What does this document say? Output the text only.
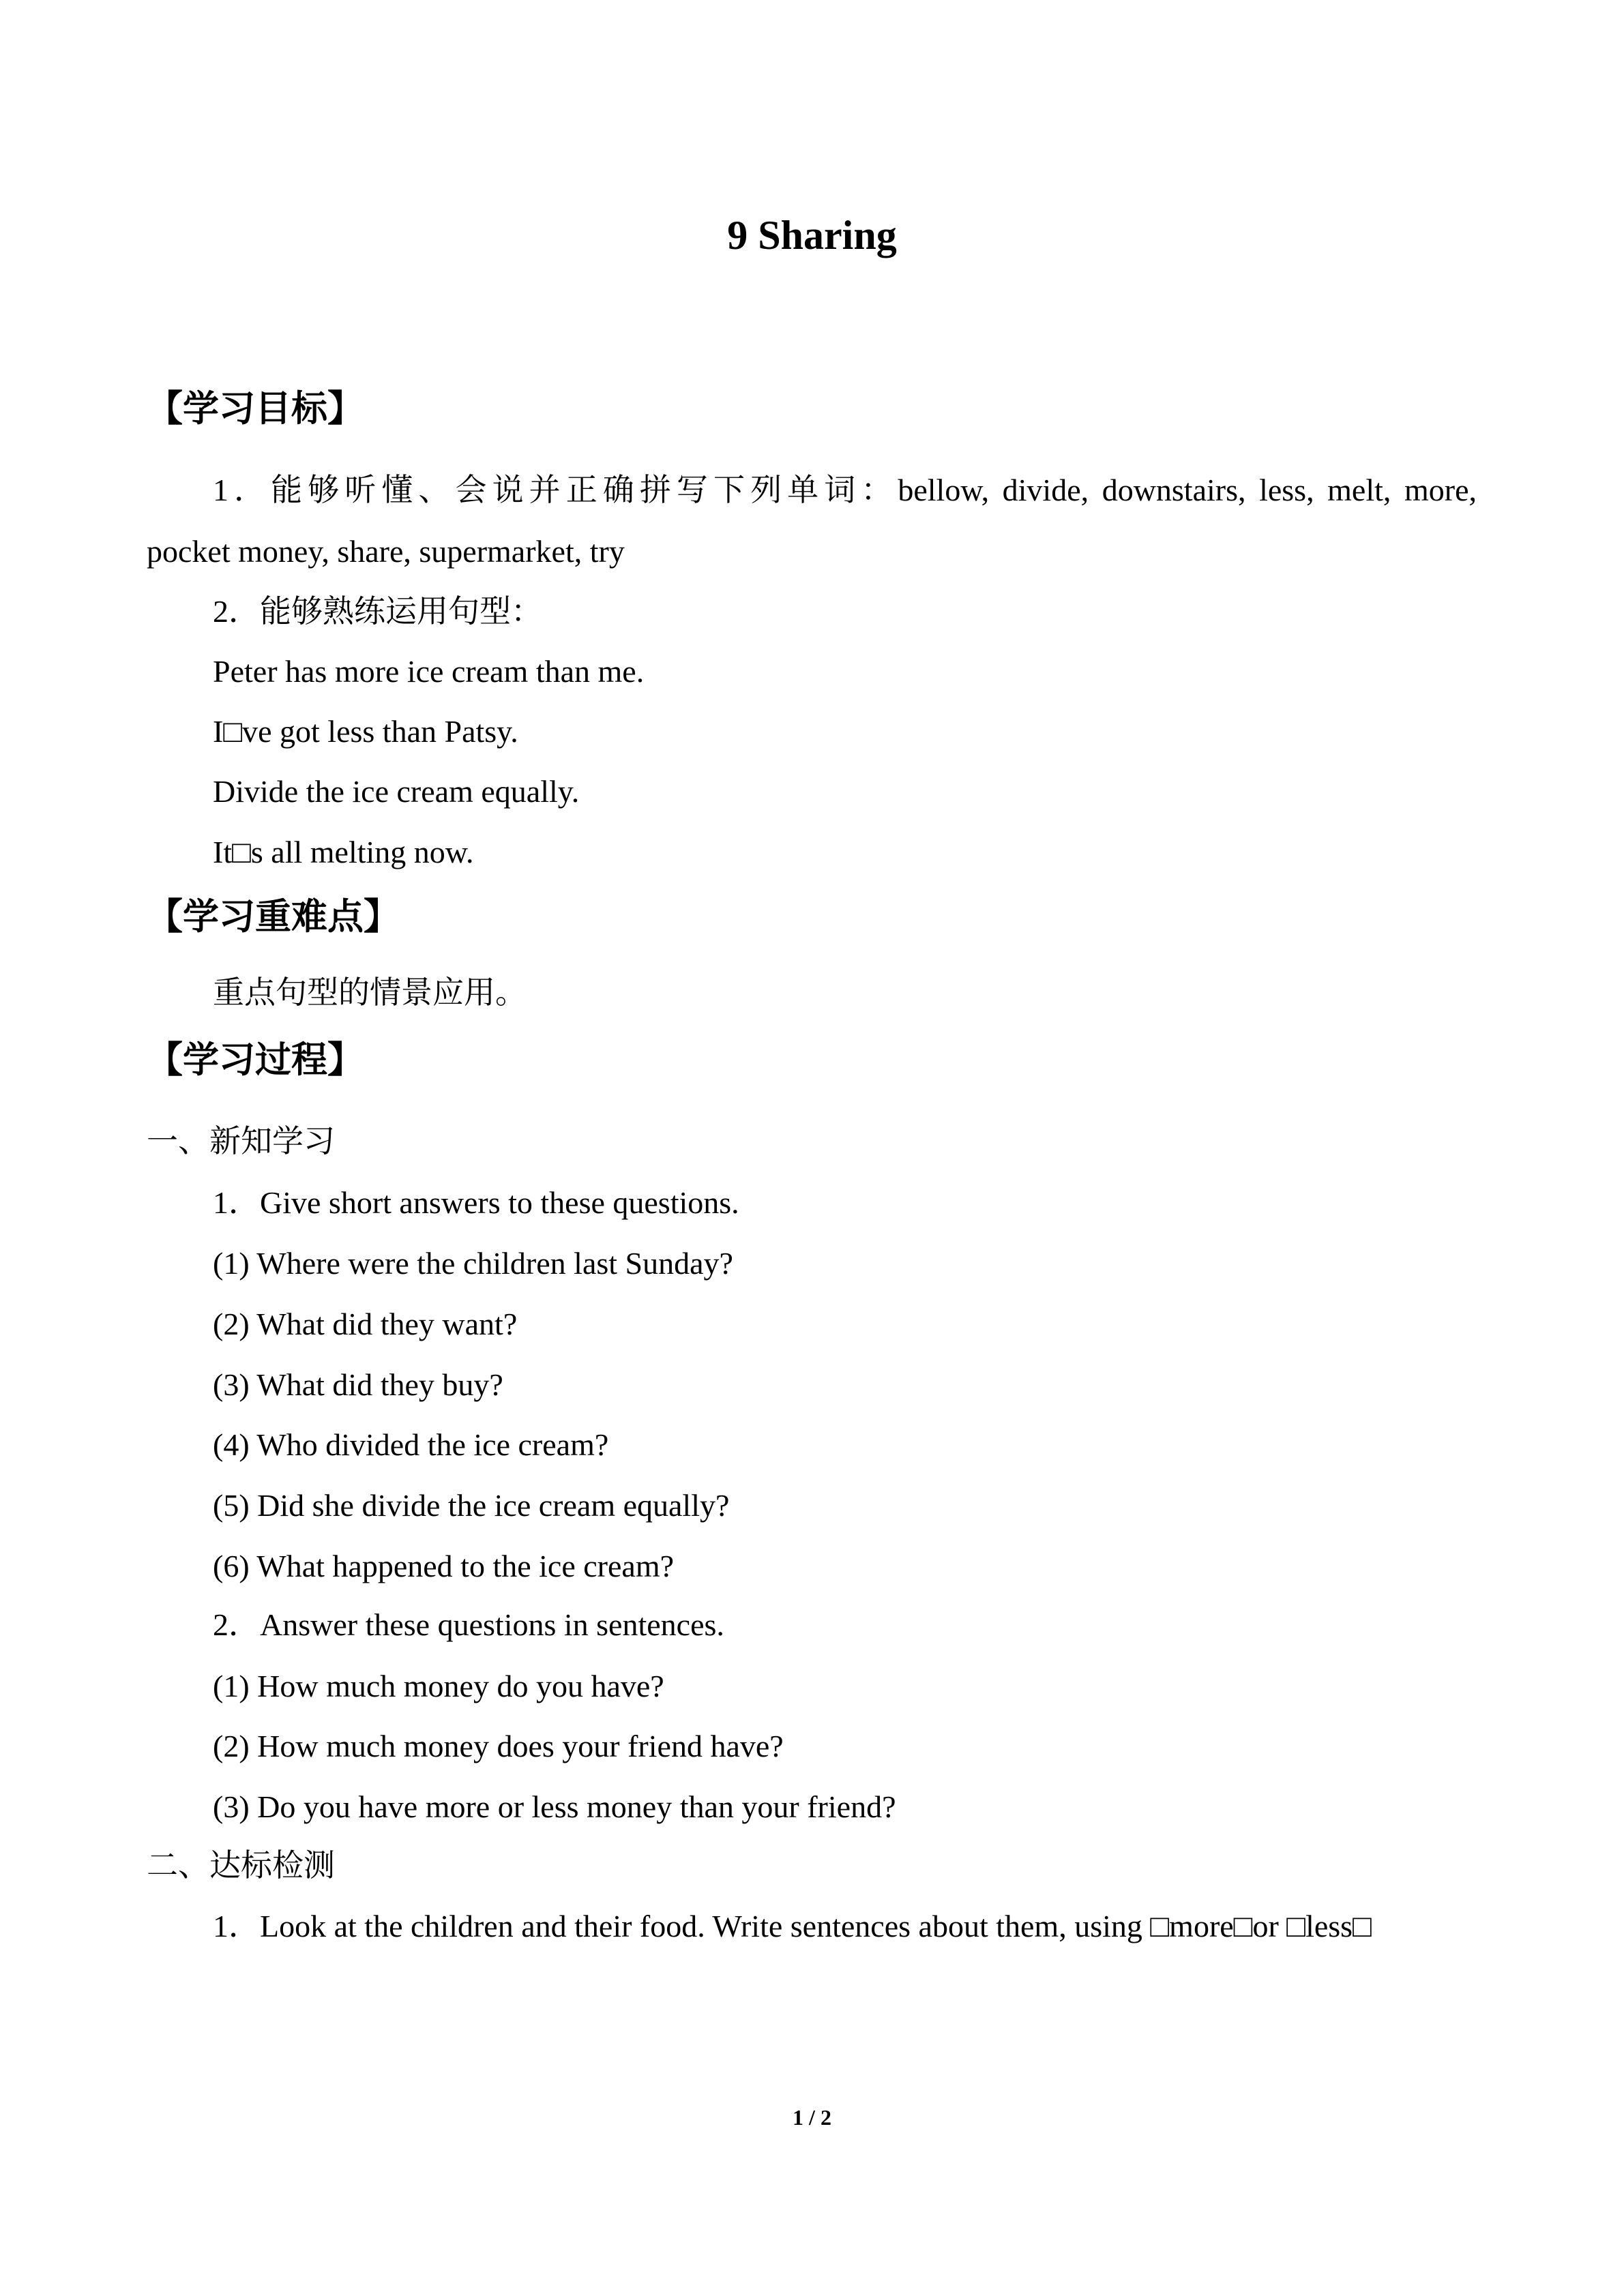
9 Sharing
【学习目标】
1．能够听懂、会说并正确拼写下列单词：bellow, divide, downstairs, less, melt, more,
pocket money, share, supermarket, try
2．能够熟练运用句型：
Peter has more ice cream than me.
I□ve got less than Patsy.
Divide the ice cream equally.
It□s all melting now.
【学习重难点】
重点句型的情景应用。
【学习过程】
一、新知学习
1．Give short answers to these questions.
(1) Where were the children last Sunday?
(2) What did they want?
(3) What did they buy?
(4) Who divided the ice cream?
(5) Did she divide the ice cream equally?
(6) What happened to the ice cream?
2．Answer these questions in sentences.
(1) How much money do you have?
(2) How much money does your friend have?
(3) Do you have more or less money than your friend?
二、达标检测
1．Look at the children and their food. Write sentences about them, using □more□or □less□
1 / 2
